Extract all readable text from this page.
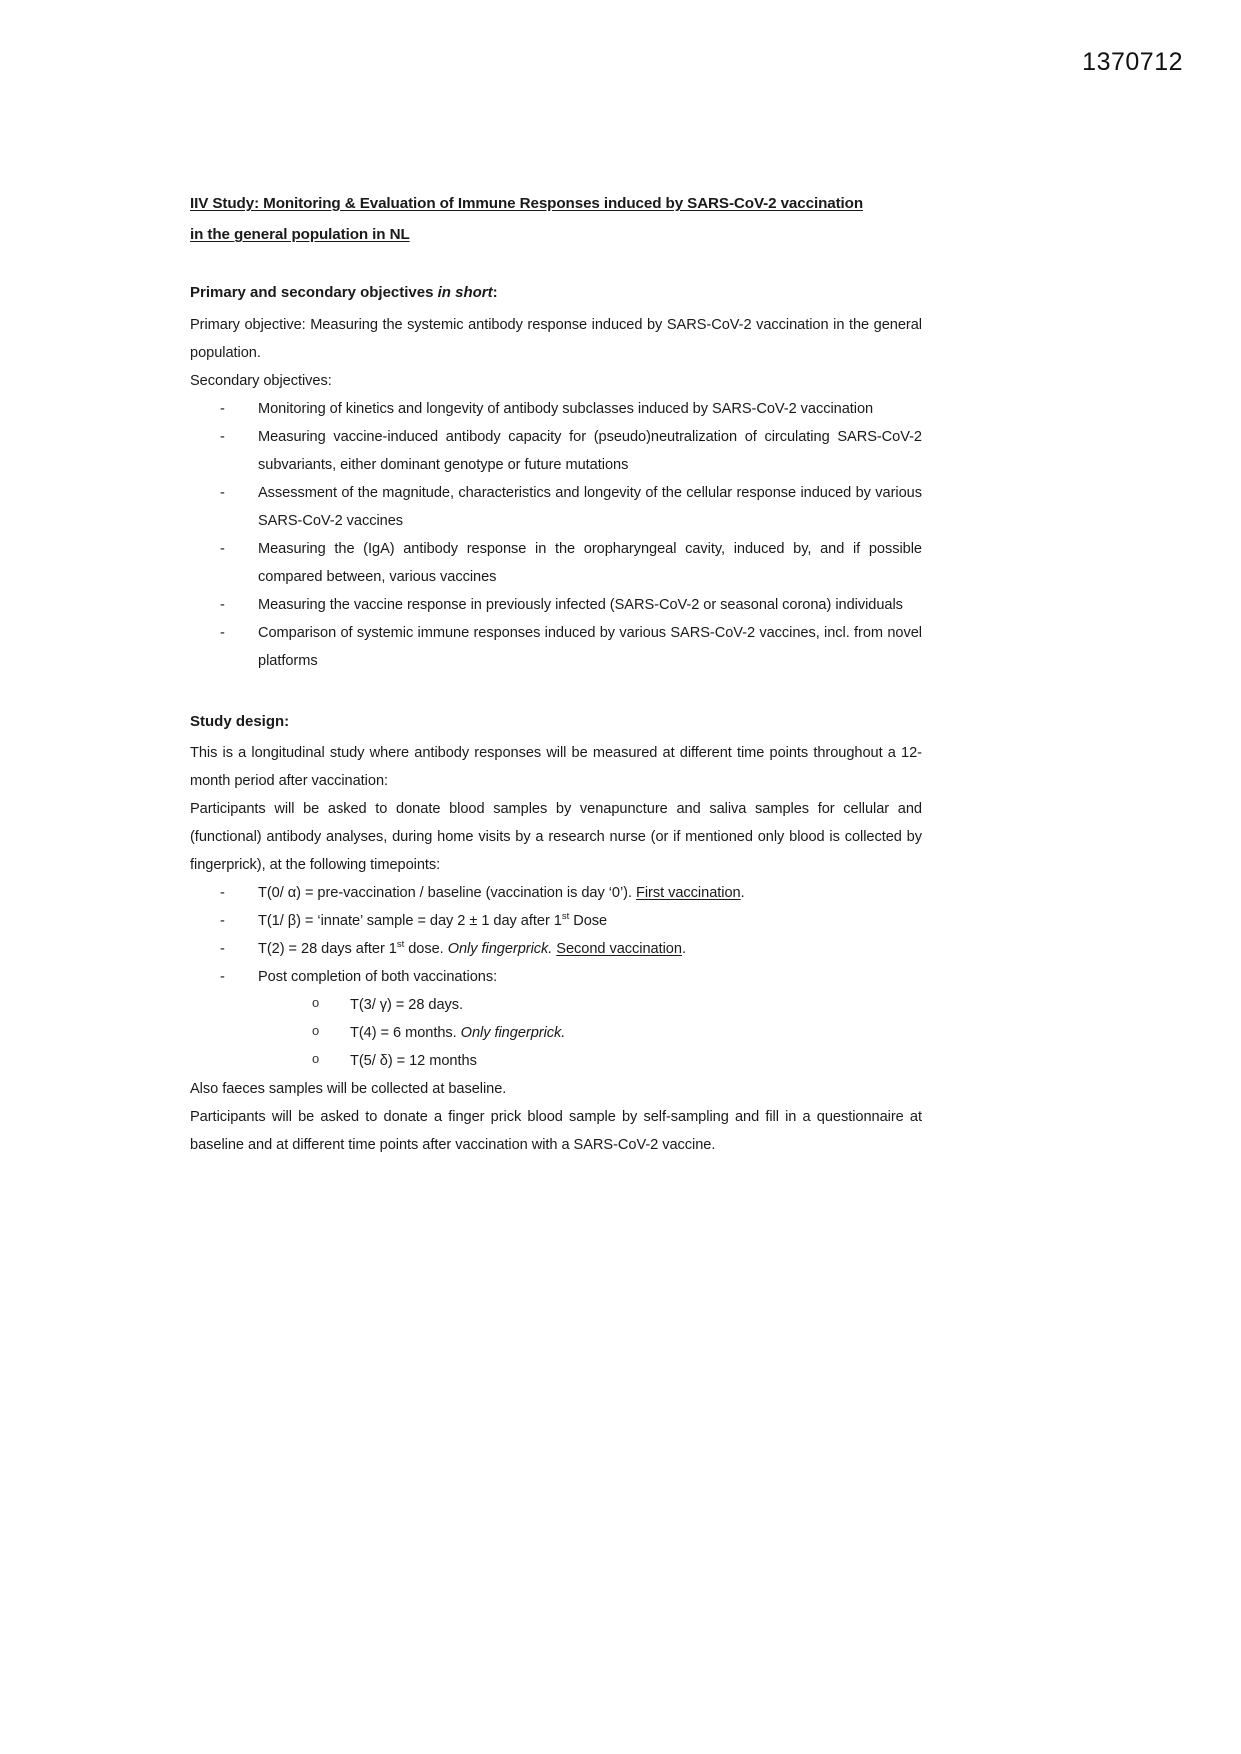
1370712
IIV Study: Monitoring & Evaluation of Immune Responses induced by SARS-CoV-2 vaccination
in the general population in NL
Primary and secondary objectives in short:

Primary objective: Measuring the systemic antibody response induced by SARS-CoV-2 vaccination in the general population.

Secondary objectives:

- Monitoring of kinetics and longevity of antibody subclasses induced by SARS-CoV-2 vaccination
- Measuring vaccine-induced antibody capacity for (pseudo)neutralization of circulating SARS-CoV-2 subvariants, either dominant genotype or future mutations
- Assessment of the magnitude, characteristics and longevity of the cellular response induced by various SARS-CoV-2 vaccines
- Measuring the (IgA) antibody response in the oropharyngeal cavity, induced by, and if possible compared between, various vaccines
- Measuring the vaccine response in previously infected (SARS-CoV-2 or seasonal corona) individuals
- Comparison of systemic immune responses induced by various SARS-CoV-2 vaccines, incl. from novel platforms
Study design:

This is a longitudinal study where antibody responses will be measured at different time points throughout a 12-month period after vaccination:

Participants will be asked to donate blood samples by venapuncture and saliva samples for cellular and (functional) antibody analyses, during home visits by a research nurse (or if mentioned only blood is collected by fingerprick), at the following timepoints:

- T(0/ α) = pre-vaccination / baseline (vaccination is day ‘0’). First vaccination.
- T(1/ β) = ‘innate’ sample = day 2 ± 1 day after 1st Dose
- T(2) = 28 days after 1st dose. Only fingerprick. Second vaccination.
- Post completion of both vaccinations:
o T(3/ γ) = 28 days.
o T(4) = 6 months. Only fingerprick.
o T(5/ δ) = 12 months

Also faeces samples will be collected at baseline.

Participants will be asked to donate a finger prick blood sample by self-sampling and fill in a questionnaire at baseline and at different time points after vaccination with a SARS-CoV-2 vaccine.
